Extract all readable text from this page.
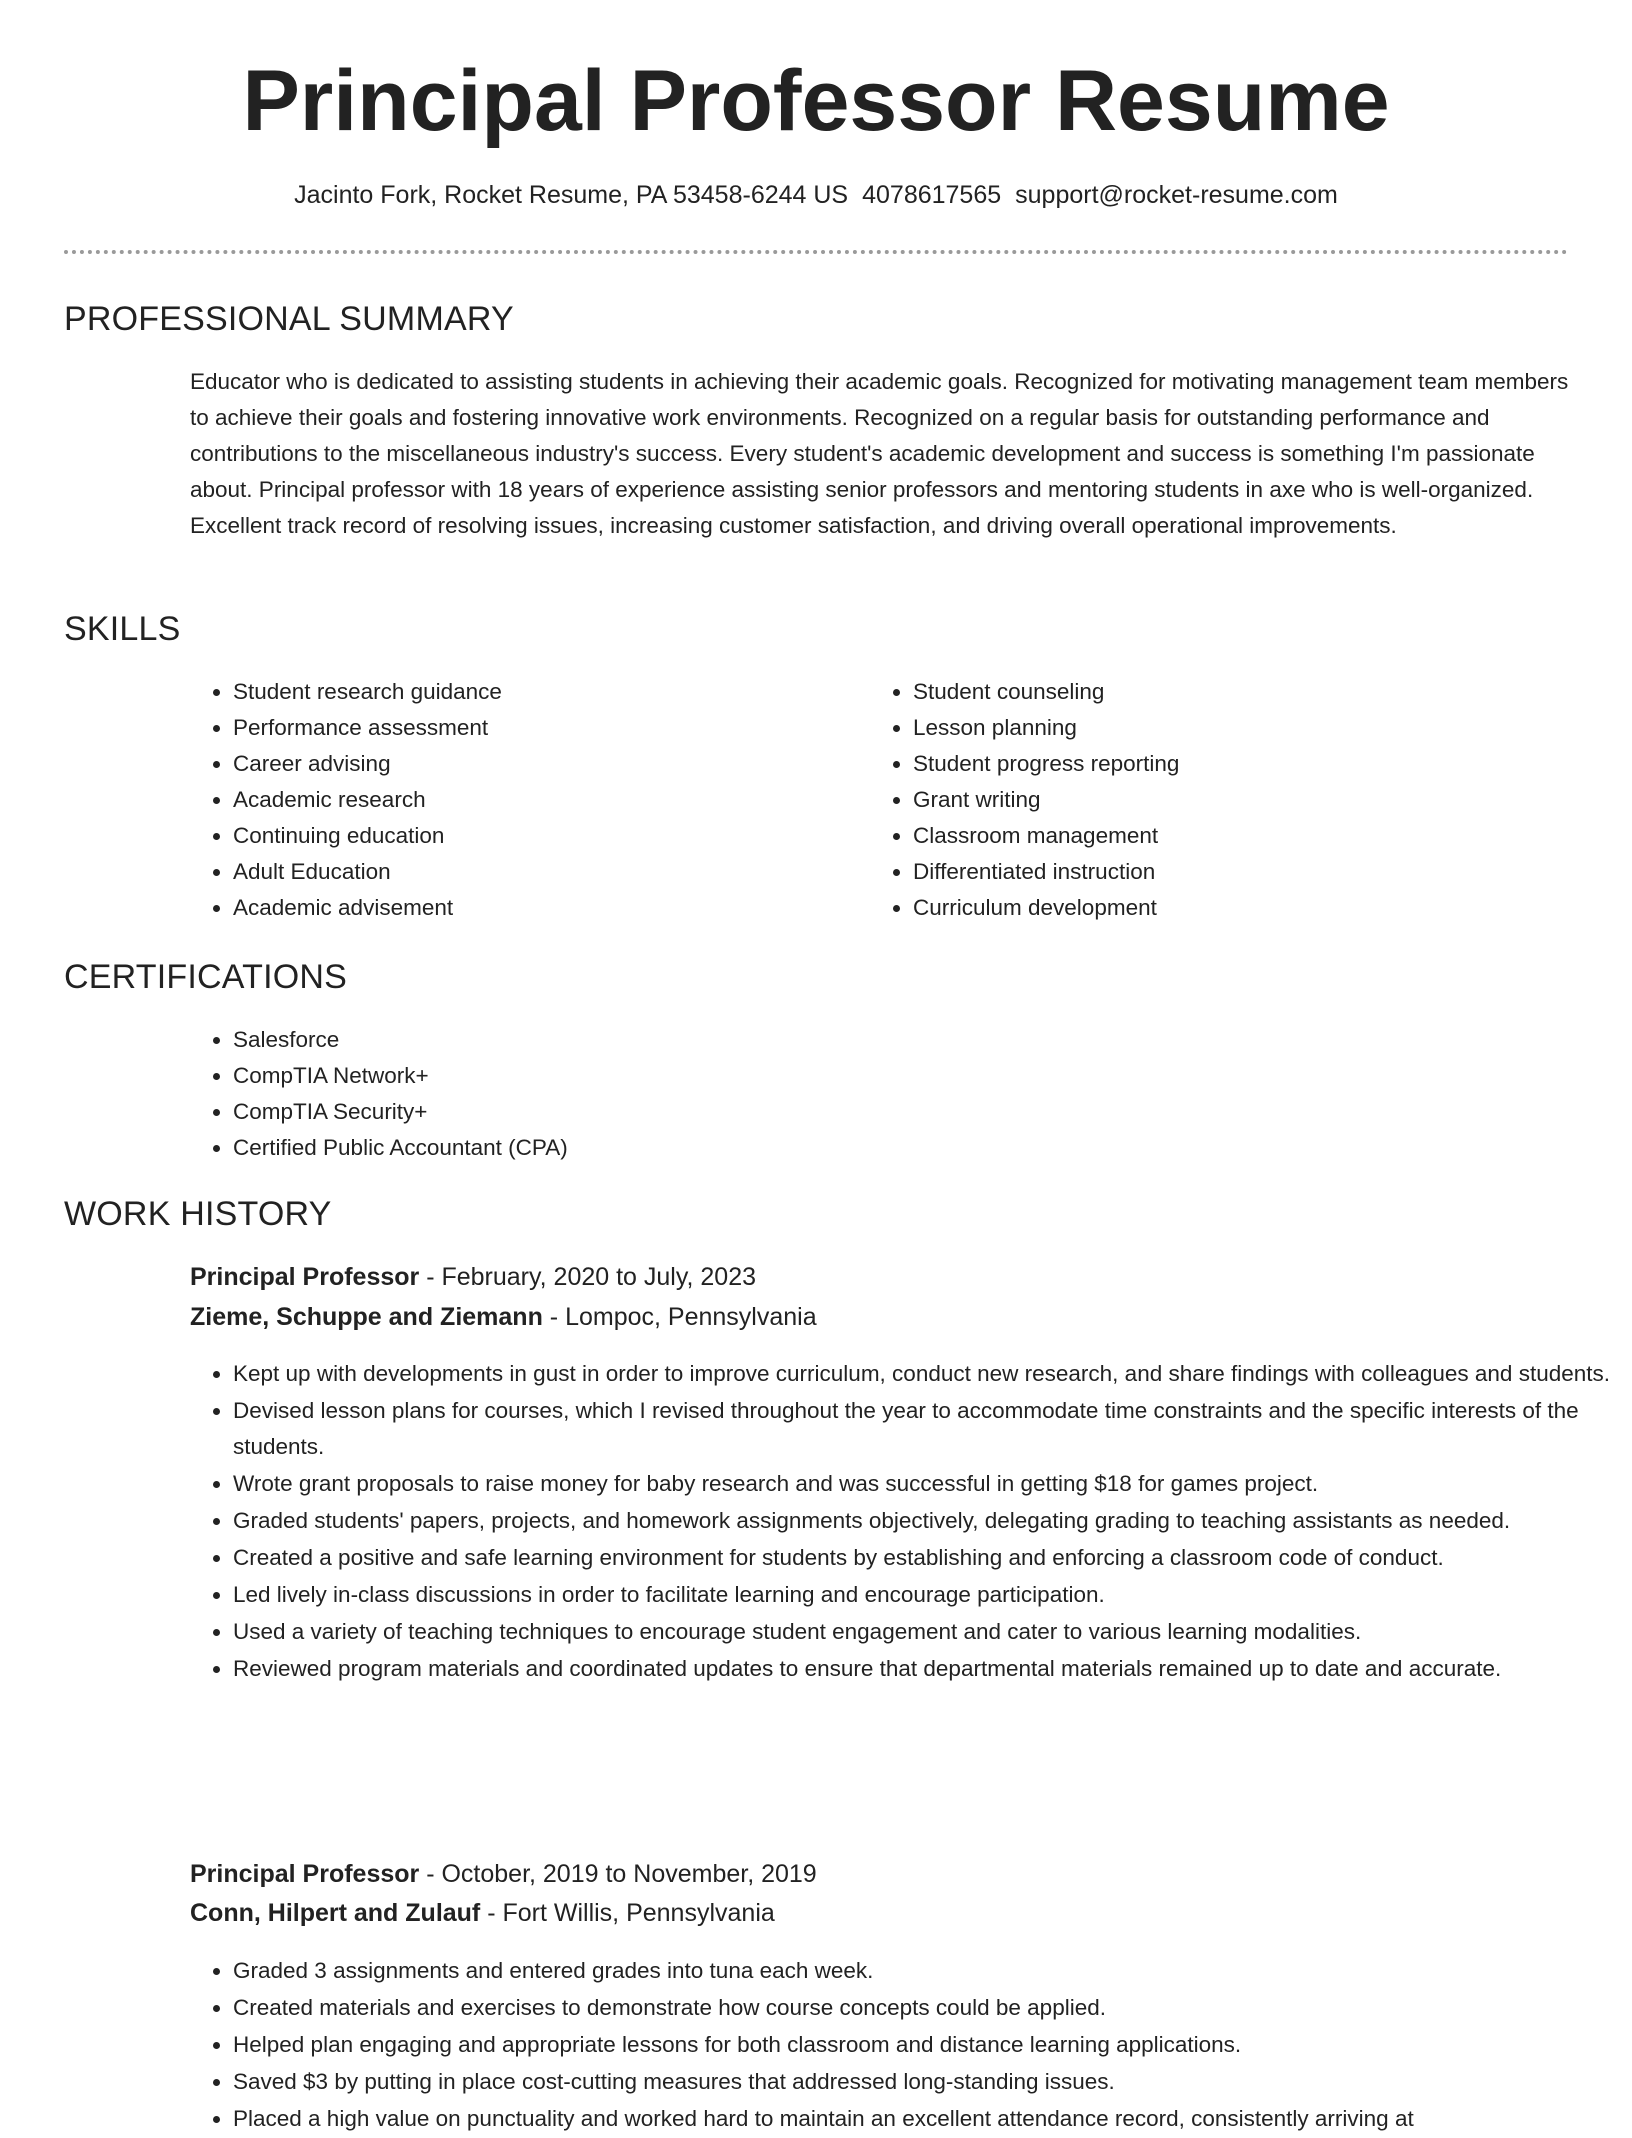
Principal Professor Resume
Jacinto Fork, Rocket Resume, PA 53458-6244 US 4078617565 support@rocket-resume.com
PROFESSIONAL SUMMARY

Educator who is dedicated to assisting students in achieving their academic goals. Recognized for motivating management team members to achieve their goals and fostering innovative work environments. Recognized on a regular basis for outstanding performance and contributions to the miscellaneous industry's success. Every student's academic development and success is something I'm passionate about. Principal professor with 18 years of experience assisting senior professors and mentoring students in axe who is well-organized. Excellent track record of resolving issues, increasing customer satisfaction, and driving overall operational improvements.

SKILLS
• Student research guidance
• Performance assessment
• Career advising
• Academic research
• Continuing education
• Adult Education
• Academic advisement
• Student counseling
• Lesson planning
• Student progress reporting
• Grant writing
• Classroom management
• Differentiated instruction
• Curriculum development
CERTIFICATIONS
• Salesforce
• CompTIA Network+
• CompTIA Security+
• Certified Public Accountant (CPA)
WORK HISTORY
Principal Professor - February, 2020 to July, 2023
Zieme, Schuppe and Ziemann - Lompoc, Pennsylvania
• Kept up with developments in gust in order to improve curriculum, conduct new research, and share findings with colleagues and students.
• Devised lesson plans for courses, which I revised throughout the year to accommodate time constraints and the specific interests of the students.
• Wrote grant proposals to raise money for baby research and was successful in getting $18 for games project.
• Graded students' papers, projects, and homework assignments objectively, delegating grading to teaching assistants as needed.
• Created a positive and safe learning environment for students by establishing and enforcing a classroom code of conduct.
• Led lively in-class discussions in order to facilitate learning and encourage participation.
• Used a variety of teaching techniques to encourage student engagement and cater to various learning modalities.
• Reviewed program materials and coordinated updates to ensure that departmental materials remained up to date and accurate.
Principal Professor - October, 2019 to November, 2019
Conn, Hilpert and Zulauf - Fort Willis, Pennsylvania
• Graded 3 assignments and entered grades into tuna each week.
• Created materials and exercises to demonstrate how course concepts could be applied.
• Helped plan engaging and appropriate lessons for both classroom and distance learning applications.
• Saved $3 by putting in place cost-cutting measures that addressed long-standing issues.
• Placed a high value on punctuality and worked hard to maintain an excellent attendance record, consistently arriving at
